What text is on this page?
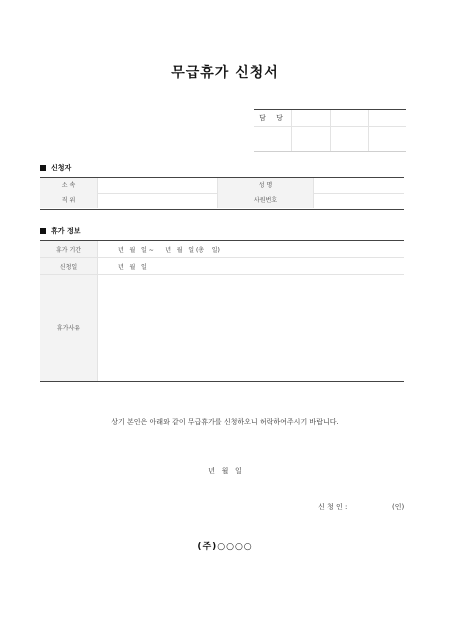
무급휴가 신청서
담 당
신청자
소 속	성 명
직 위	사원번호
휴가 정보
휴가 기간	년   월   일 ~      년   월   일 (총    일)
신청일	년   월   일
휴가사유
상기 본인은 아래와 같이 무급휴가를 신청하오니 허락하여주시기 바랍니다.
년   월   일
신 청 인 :	(인)
(주)○○○○
